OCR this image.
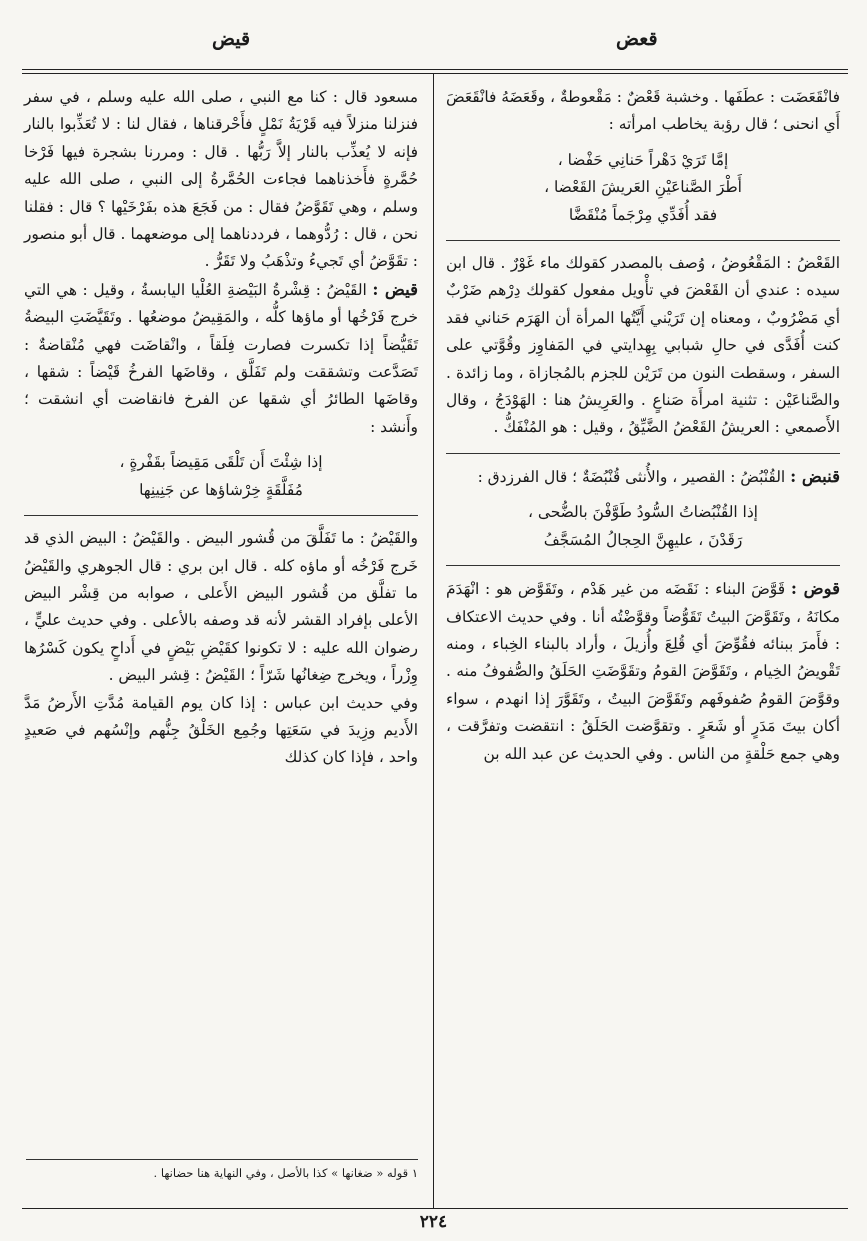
قيض	قعض

فانْقَعَضَت : عطَفَها . وخشبة قَعْضٌ : مَقْعوطةٌ ، وقَعَضَهُ فانْقَعَضَ أَي انحنى ؛ قال رؤبة يخاطب امرأته :

إمَّا تَرَيْ دَهْراً حَنانِي حَفْضا ،
أَطْرَ الصَّناعَيْنِ العَريشَ القَعْضا ،
فقد أُفَدِّي مِرْجَماً مُنْقَضَّا

القَعْضُ : المَقْعُوضُ ، وُصف بالمصدر كقولك ماء غَوْرٌ . قال ابن سيده : عندي أن القَعْضَ في تأْويل مفعول كقولك دِرْهم ضَرْبٌ أي مَضْرُوبٌ ، ومعناه إن تَرَيْني أَيَّتُها المرأة أن الهَرَم حَناني فقد كنت أُفَدَّى في حالِ شبابي بِهِدايتي في المَفاوِز وقُوَّتي على السفر ، وسقطت النون من تَرَيْن للجزم بالمُجازاة ، وما زائدة . والصَّناعَيْن : تثنية امرأَة صَناعٍ . والعَرِيشُ هنا : الهَوْدَجُ ، وقال الأَصمعي : العريشُ القَعْضُ الضَّيِّقُ ، وقيل : هو المُنْفَكُّ .

قنبض : القُنْبُضُ : القصير ، والأُنثى قُنْبُضَةٌ ؛ قال الفرزدق :

إذا القُنْبُضاتُ السُّودُ طَوَّفْنَ بالضُّحى ،
رَقَدْنَ ، عليهِنَّ الحِجالُ المُسَجَّفُ

قوض : قَوَّضَ البناء : نَقَضَه من غير هَدْم ، وتَقَوَّض هو : انْهَدَمَ مكانَهُ ، وتَقَوَّضَ البيتُ تَقَوُّضاً وقوَّضْتُه أنا . وفي حديث الاعتكاف : فأَمرَ ببنائه فقُوِّضَ أي قُلِعَ وأُزيلَ ، وأراد بالبناء الخِباء ، ومنه تَقْويضُ الخِيام ، وتَقَوَّضَ القومُ وتقَوَّضَتِ الحَلَقُ والصُّفوفُ منه . وقوَّضَ القومُ صُفوفَهم وتَقَوَّضَ البيتُ ، وتَقَوَّرَ إذا انهدم ، سواء أكان بيتَ مَدَرٍ أو شَعَرٍ . وتقوَّضت الحَلَقُ : انتقضت وتفرَّقت ، وهي جمع حَلْقةٍ من الناس . وفي الحديث عن عبد الله بن

مسعود قال : كنا مع النبي ، صلى الله عليه وسلم ، في سفر فنزلنا منزلاً فيه قَرْيَةُ نَمْلٍ فأَحْرقناها ، فقال لنا : لا تُعَذِّبوا بالنار فإنه لا يُعذِّب بالنار إلاَّ رَبُّها . قال : ومررنا بشجرة فيها فَرْخا حُمَّرةٍ فأَخذناهما فجاءت الحُمَّرةُ إلى النبي ، صلى الله عليه وسلم ، وهي تَقَوَّضُ فقال : من فَجَعَ هذه بفَرْخَيْها ؟ قال : فقلنا نحن ، قال : رُدُّوهما ، فرددناهما إلى موضعهما . قال أبو منصور : تقَوَّضُ أي تَجيءُ وتذْهَبُ ولا تَقَرُّ .

قيض : القَيْضُ : قِشْرةُ البَيْضةِ العُلْيا اليابسةُ ، وقيل : هي التي خرج فَرْخُها أو ماؤها كلُّه ، والمَقِيضُ موضعُها . وتَقَيَّضَتِ البيضةُ تَقَيُّضاً إذا تكسرت فصارت فِلَقاً ، وانْقاضَت فهي مُنْقاضةٌ : تَصَدَّعت وتشققت ولم تَفَلَّق ، وقاضَها الفرخُ قَيْضاً : شقها ، وقاضَها الطائرُ أي شقها عن الفرخ فانقاضت أي انشقت ؛ وأَنشد :

إذا شِئْتَ أَن تَلْقَى مَقِيضاً بقَفْرةٍ ،
مُفَلَّقَةٍ خِرْشاؤها عن جَنِينِها

والقَيْضُ : ما تَفَلَّقَ من قُشور البيض . والقَيْضُ : البيض الذي قد خَرج فَرْخُه أو ماؤه كله . قال ابن بري : قال الجوهري والقَيْضُ ما تفلَّق من قُشور البيض الأَعلى ، صوابه من قِشْر البيض الأعلى بإفراد القشر لأنه قد وصفه بالأعلى . وفي حديث عليٍّ ، رضوان الله عليه : لا تكونوا كقَيْضِ بَيْضٍ في أَداحٍ يكون كَسْرُها وِزْراً ، ويخرج ضِغانُها شَرّاً ؛ القَيْضُ : قِشر البيض .

وفي حديث ابن عباس : إذا كان يوم القيامة مُدَّتِ الأَرضُ مَدَّ الأَديم وزِيدَ في سَعَتِها وجُمِع الخَلْقُ جِنُّهم وإنْسُهم في صَعيدٍ واحد ، فإذا كان كذلك

١ قوله « ضغانها » كذا بالأصل ، وفي النهاية هنا حضانها .
٢٢٤
